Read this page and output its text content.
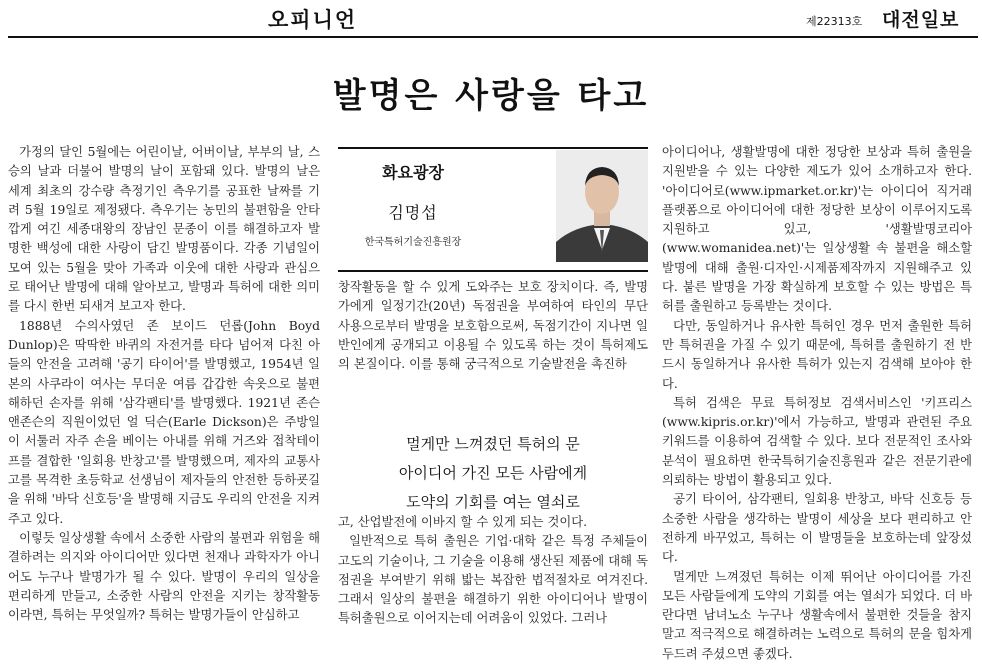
오피니언	제22313호 대전일보
발명은 사랑을 타고

가정의 달인 5월에는 어린이날, 어버이날, 부부의 날, 스승의 날과 더불어 발명의 날이 포함돼 있다. 발명의 날은 세계 최초의 강수량 측정기인 측우기를 공표한 날짜를 기려 5월 19일로 제정됐다. 측우기는 농민의 불편함을 안타깝게 여긴 세종대왕의 장남인 문종이 이를 해결하고자 발명한 백성에 대한 사랑이 담긴 발명품이다. 각종 기념일이 모여 있는 5월을 맞아 가족과 이웃에 대한 사랑과 관심으로 태어난 발명에 대해 알아보고, 발명과 특허에 대한 의미를 다시 한번 되새겨 보고자 한다.

1888년 수의사였던 존 보이드 던롭(John Boyd Dunlop)은 딱딱한 바퀴의 자전거를 타다 넘어져 다친 아들의 안전을 고려해 '공기 타이어'를 발명했고, 1954년 일본의 사쿠라이 여사는 무더운 여름 갑갑한 속옷으로 불편해하던 손자를 위해 '삼각팬티'를 발명했다. 1921년 존슨앤존슨의 직원이었던 얼 딕슨(Earle Dickson)은 주방일이 서툴러 자주 손을 베이는 아내를 위해 거즈와 접착테이프를 결합한 '일회용 반창고'를 발명했으며, 제자의 교통사고를 목격한 초등학교 선생님이 제자들의 안전한 등하굣길을 위해 '바닥 신호등'을 발명해 지금도 우리의 안전을 지켜주고 있다.

이렇듯 일상생활 속에서 소중한 사람의 불편과 위험을 해결하려는 의지와 아이디어만 있다면 천재나 과학자가 아니어도 누구나 발명가가 될 수 있다. 발명이 우리의 일상을 편리하게 만들고, 소중한 사람의 안전을 지키는 창작활동이라면, 특허는 무엇일까? 특허는 발명가들이 안심하고

화요광장
김명섭
한국특허기술진흥원장

창작활동을 할 수 있게 도와주는 보호 장치이다. 즉, 발명가에게 일정기간(20년) 독점권을 부여하여 타인의 무단 사용으로부터 발명을 보호함으로써, 독점기간이 지나면 일반인에게 공개되고 이용될 수 있도록 하는 것이 특허제도의 본질이다. 이를 통해 궁극적으로 기술발전을 촉진하

멀게만 느껴졌던 특허의 문
아이디어 가진 모든 사람에게
도약의 기회를 여는 열쇠로

고, 산업발전에 이바지 할 수 있게 되는 것이다.

일반적으로 특허 출원은 기업·대학 같은 특정 주체들이 고도의 기술이나, 그 기술을 이용해 생산된 제품에 대해 독점권을 부여받기 위해 밟는 복잡한 법적절차로 여겨진다. 그래서 일상의 불편을 해결하기 위한 아이디어나 발명이 특허출원으로 이어지는데 어려움이 있었다. 그러나

아이디어나, 생활발명에 대한 정당한 보상과 특허 출원을 지원받을 수 있는 다양한 제도가 있어 소개하고자 한다. '아이디어로(www.ipmarket.or.kr)'는 아이디어 직거래 플랫폼으로 아이디어에 대한 정당한 보상이 이루어지도록 지원하고 있고, '생활발명코리아(www.womanidea.net)'는 일상생활 속 불편을 해소할 발명에 대해 출원·디자인·시제품제작까지 지원해주고 있다. 붙른 발명을 가장 확실하게 보호할 수 있는 방법은 특허를 출원하고 등록받는 것이다.

다만, 동일하거나 유사한 특허인 경우 먼저 출원한 특허만 특허권을 가질 수 있기 때문에, 특허를 출원하기 전 반드시 동일하거나 유사한 특허가 있는지 검색해 보아야 한다.

특허 검색은 무료 특허정보 검색서비스인 '키프리스(www.kipris.or.kr)'에서 가능하고, 발명과 관련된 주요 키워드를 이용하여 검색할 수 있다. 보다 전문적인 조사와 분석이 필요하면 한국특허기술진흥원과 같은 전문기관에 의뢰하는 방법이 활용되고 있다.

공기 타이어, 삼각팬티, 일회용 반창고, 바닥 신호등 등 소중한 사람을 생각하는 발명이 세상을 보다 편리하고 안전하게 바꾸었고, 특허는 이 발명들을 보호하는데 앞장섰다.

멀게만 느껴졌던 특허는 이제 뛰어난 아이디어를 가진 모든 사람들에게 도약의 기회를 여는 열쇠가 되었다. 더 바란다면 남녀노소 누구나 생활속에서 불편한 것들을 참지 말고 적극적으로 해결하려는 노력으로 특허의 문을 힘차게 두드려 주셨으면 좋겠다.
